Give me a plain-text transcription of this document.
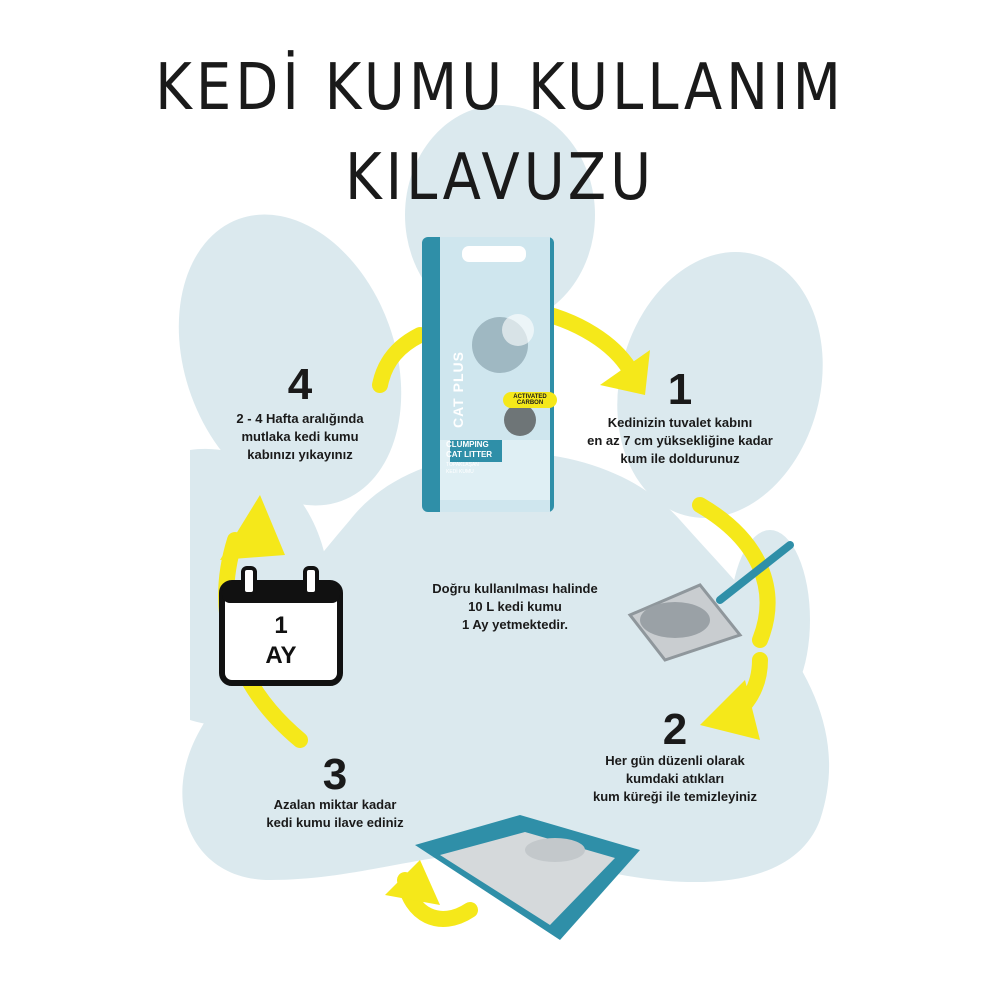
KEDİ KUMU KULLANIM
KILAVUZU
CAT PLUS	ACTIVATED CARBON
CLUMPING
CAT LITTER
TOPAKLAŞAN
KEDİ KUMU
4
2 - 4 Hafta aralığında
mutlaka kedi kumu
kabınızı yıkayınız
1
Kedinizin tuvalet kabını
en az 7 cm yüksekliğine kadar
kum ile doldurunuz
Doğru kullanılması halinde
10 L kedi kumu
1 Ay yetmektedir.
1
AY
2
Her gün düzenli olarak
kumdaki atıkları
kum küreği ile temizleyiniz
3
Azalan miktar kadar
kedi kumu ilave ediniz
